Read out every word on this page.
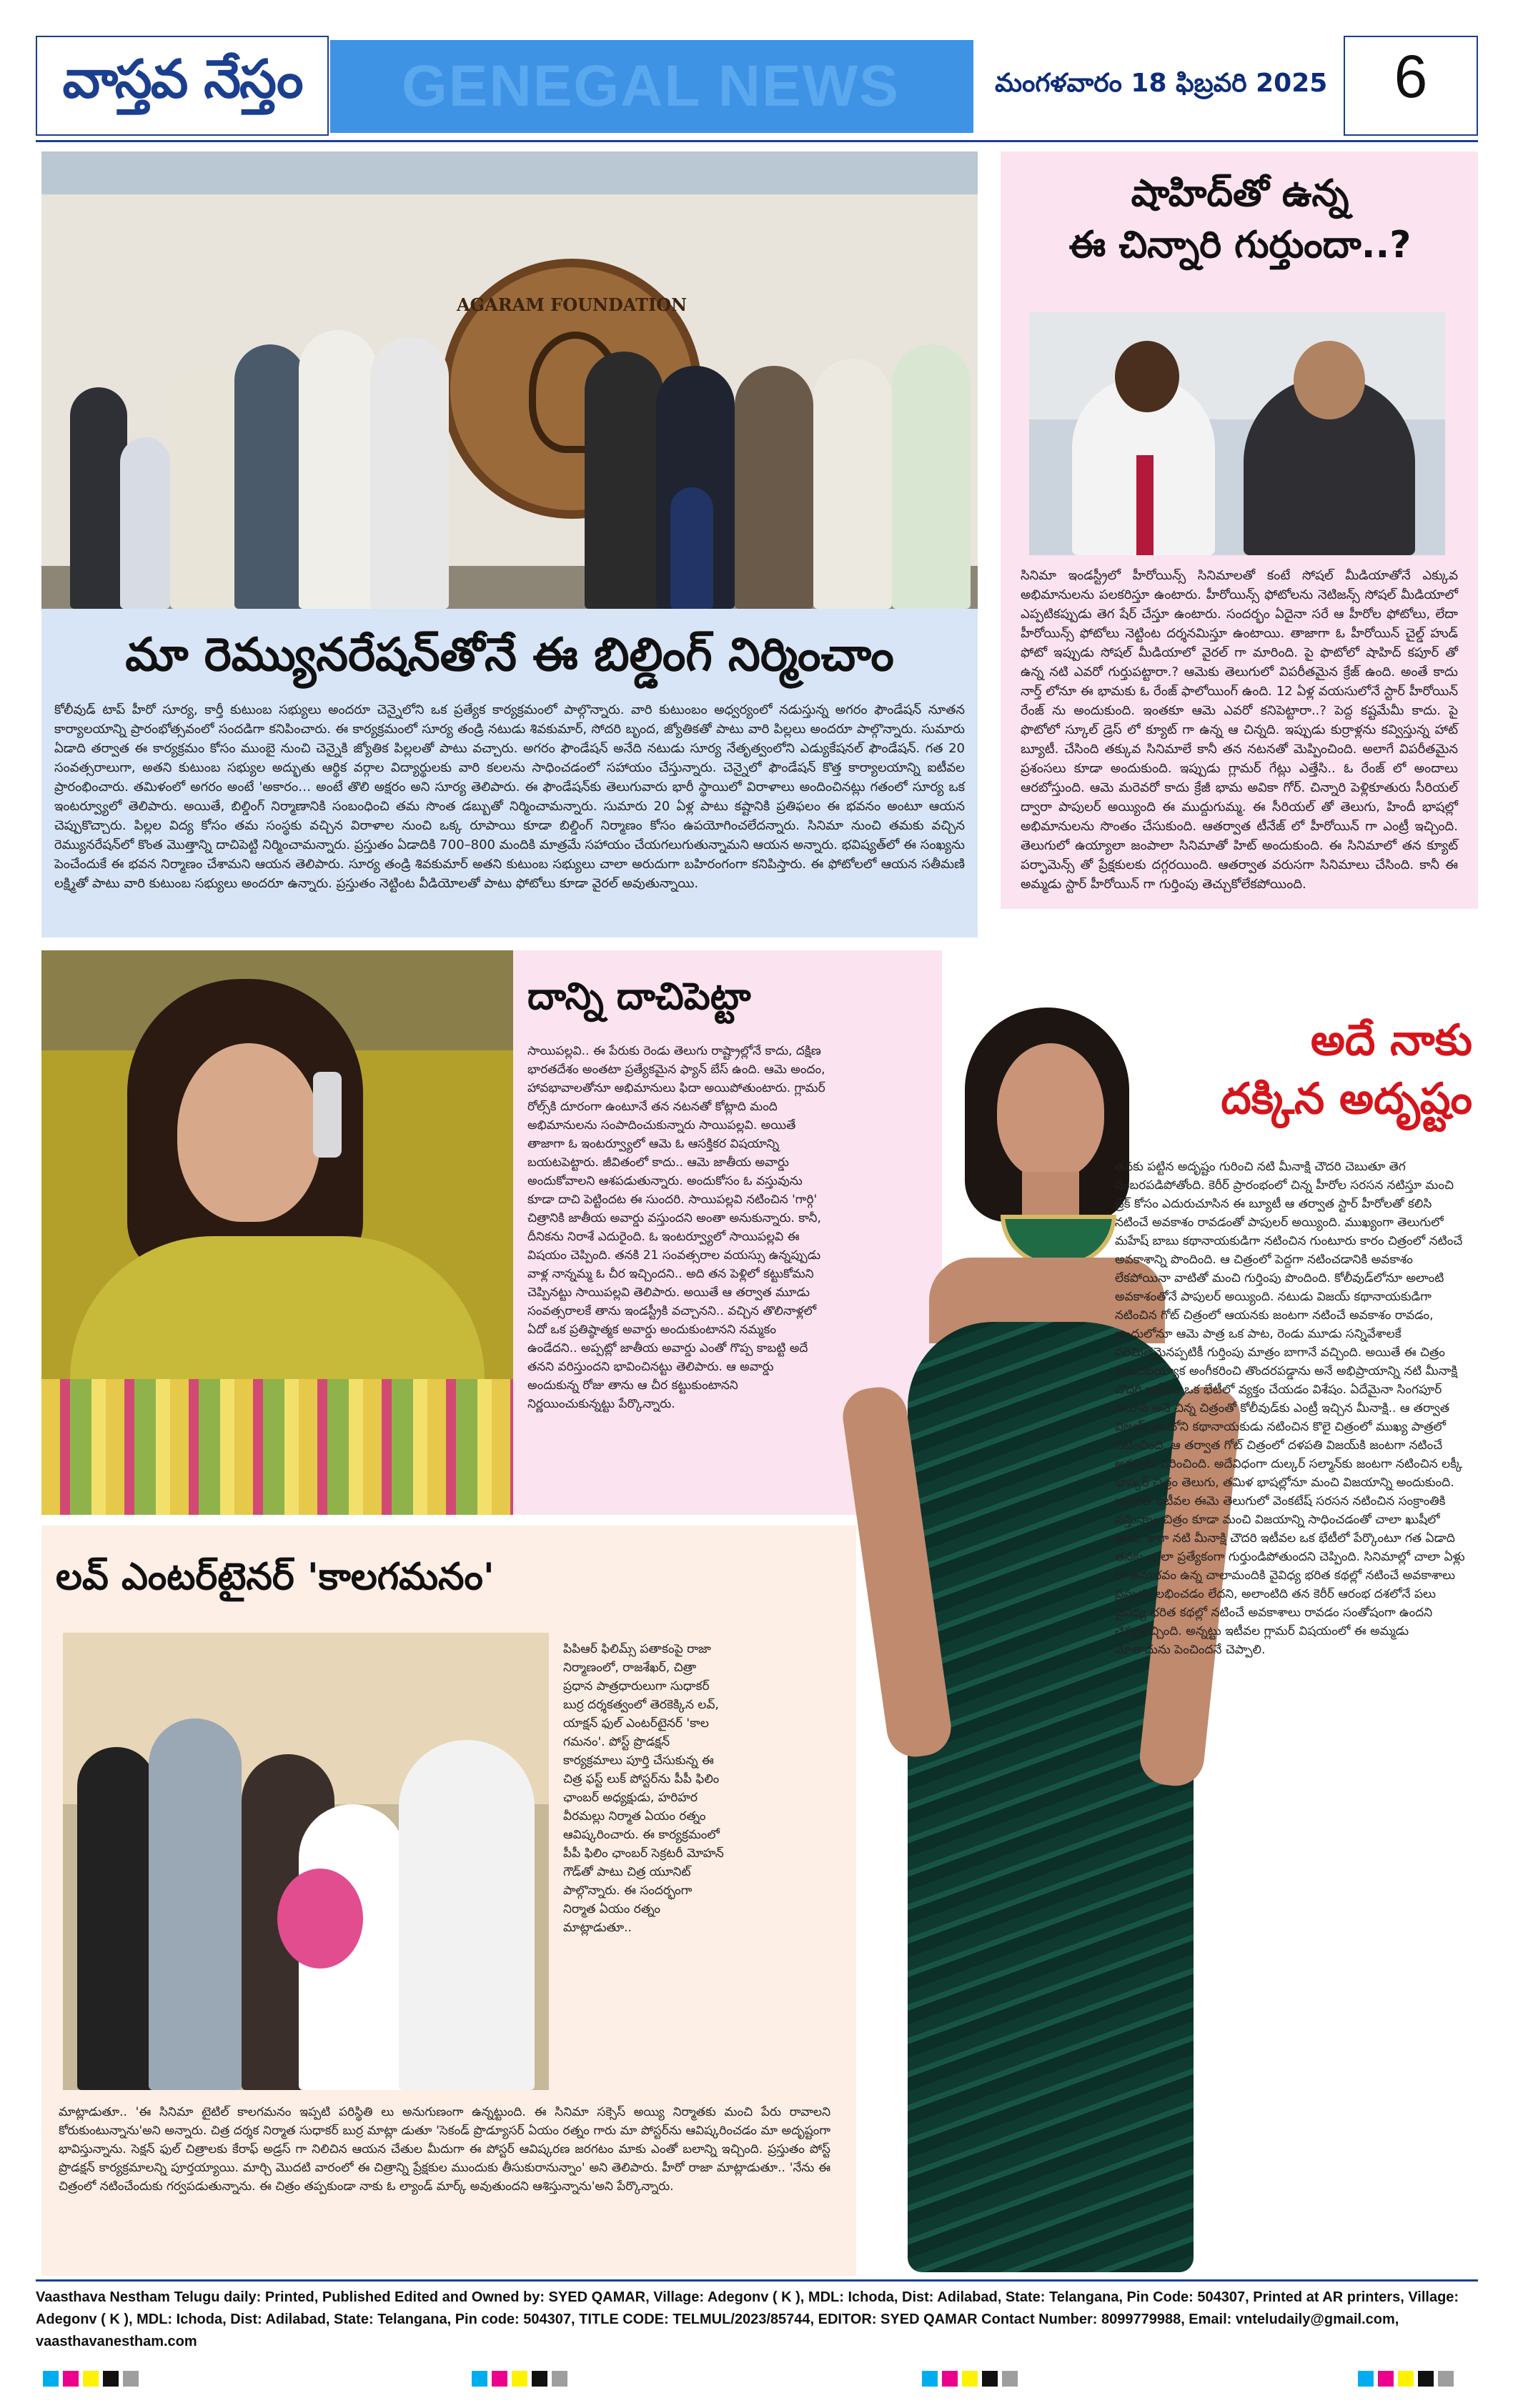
వాస్తవ నేస్తం GENEGAL NEWS	మంగళవారం 18 ఫిబ్రవరి 2025 6
AGARAM FOUNDATION
మా రెమ్యునరేషన్‌తోనే ఈ బిల్డింగ్ నిర్మించాం
కోలీవుడ్ టాప్ హీరో సూర్య, కార్తీ కుటుంబ సభ్యులు అందరూ చెన్నైలోని ఒక ప్రత్యేక కార్యక్రమంలో పాల్గొన్నారు. వారి కుటుంబం అధ్వర్యంలో నడుస్తున్న అగరం ఫౌండేషన్ నూతన కార్యాలయాన్ని ప్రారంభోత్సవంలో సందడిగా కనిపించారు. ఈ కార్యక్రమంలో సూర్య తండ్రి నటుడు శివకుమార్, సోదరి బృంద, జ్యోతికతో పాటు వారి పిల్లలు అందరూ పాల్గొన్నారు. సుమారు ఏడాది తర్వాత ఈ కార్యక్రమం కోసం ముంబై నుంచి చెన్నైకి జ్యోతిక పిల్లలతో పాటు వచ్చారు. అగరం ఫౌండేషన్ అనేది నటుడు సూర్య నేతృత్వంలోని ఎడ్యుకేషనల్ ఫౌండేషన్. గత 20 సంవత్సరాలుగా, అతని కుటుంబ సభ్యుల అద్భుతు ఆర్థిక వర్గాల విద్యార్థులకు వారి కలలను సాధించడంలో సహాయం చేస్తున్నారు. చెన్నైలో ఫౌండేషన్ కొత్త కార్యాలయాన్ని ఐటీవల ప్రారంభించారు. తమిళంలో అగరం అంటే 'అకారం… అంటే తొలి అక్షరం అని సూర్య తెలిపారు. ఈ ఫౌండేషన్‌కు తెలుగువారు భారీ స్థాయిలో విరాళాలు అందించినట్లు గతంలో సూర్య ఒక ఇంటర్వ్యూలో తెలిపారు. అయితే, బిల్డింగ్ నిర్మాణానికి సంబంధించి తమ సొంత డబ్బుతో నిర్మించామన్నారు. సుమారు 20 ఏళ్ల పాటు కష్టానికి ప్రతిఫలం ఈ భవనం అంటూ ఆయన చెప్పుకొచ్చారు. పిల్లల విద్య కోసం తమ సంస్థకు వచ్చిన విరాళాల నుంచి ఒక్క రూపాయి కూడా బిల్డింగ్ నిర్మాణం కోసం ఉపయోగించలేదన్నారు. సినిమా నుంచి తమకు వచ్చిన రెమ్యునరేషన్‌లో కొంత మొత్తాన్ని దాచిపెట్టి నిర్మించామన్నారు. ప్రస్తుతం ఏడాదికి 700–800 మందికి మాత్రమే సహాయం చేయగలుగుతున్నామని ఆయన అన్నారు. భవిష్యత్‌లో ఈ సంఖ్యను పెంచేందుకే ఈ భవన నిర్మాణం చేశామని ఆయన తెలిపారు. సూర్య తండ్రి శివకుమార్ అతని కుటుంబ సభ్యులు చాలా అరుదుగా బహిరంగంగా కనిపిస్తారు. ఈ ఫోటోలలో ఆయన సతీమణి లక్ష్మితో పాటు వారి కుటుంబ సభ్యులు అందరూ ఉన్నారు. ప్రస్తుతం నెట్టింట వీడియోలతో పాటు ఫోటోలు కూడా వైరల్ అవుతున్నాయి.
షాహిద్‌తో ఉన్న
ఈ చిన్నారి గుర్తుందా..?
సినిమా ఇండస్ట్రీలో హీరోయిన్స్ సినిమాలతో కంటే సోషల్ మీడియాతోనే ఎక్కువ అభిమానులను పలకరిస్తూ ఉంటారు. హీరోయిన్స్ ఫోటోలను నెటిజన్స్ సోషల్ మీడియాలో ఎప్పటికప్పుడు తెగ షేర్ చేస్తూ ఉంటారు. సందర్భం ఏదైనా సరే ఆ హీరోల ఫోటోలు, లేదా హీరోయిన్స్ ఫోటోలు నెట్టింట దర్శనమిస్తూ ఉంటాయి. తాజాగా ఓ హీరోయిన్ చైల్డ్ హుడ్ ఫోటో ఇప్పుడు సోషల్ మీడియాలో వైరల్ గా మారింది. పై ఫొటోలో షాహిద్ కపూర్ తో ఉన్న నటి ఎవరో గుర్తుపట్టారా.? ఆమెకు తెలుగులో విపరీతమైన క్రేజ్ ఉంది. అంతే కాదు నార్త్ లోనూ ఈ భామకు ఓ రేంజ్ ఫాలోయింగ్ ఉంది. 12 ఏళ్ల వయసులోనే స్టార్ హీరోయిన్ రేంజ్ ను అందుకుంది. ఇంతకూ ఆమె ఎవరో కనిపెట్టారా..? పెద్ద కష్టమేమీ కాదు. పై ఫొటోలో స్కూల్ డ్రెస్ లో క్యూట్ గా ఉన్న ఆ చిన్నది. ఇప్పుడు కుర్రాళ్లను కవ్విస్తున్న హాట్ బ్యూటీ. చేసింది తక్కువ సినిమాలే కానీ తన నటనతో మెప్పించింది. అలాగే విపరీతమైన ప్రశంసలు కూడా అందుకుంది. ఇప్పుడు గ్లామర్ గేట్లు ఎత్తేసి.. ఓ రేంజ్ లో అందాలు ఆరబోస్తుంది. ఆమె మరెవరో కాదు క్రేజీ భామ అవికా గోర్. చిన్నారి పెళ్లికూతురు సీరియల్ ద్వారా పాపులర్ అయ్యింది ఈ ముద్దుగుమ్మ. ఈ సీరియల్ తో తెలుగు, హిందీ భాషల్లో అభిమానులను సొంతం చేసుకుంది. ఆతర్వాత టీనేజ్ లో హీరోయిన్ గా ఎంట్రీ ఇచ్చింది. తెలుగులో ఉయ్యాలా జంపాలా సినిమాతో హిట్ అందుకుంది. ఈ సినిమాలో తన క్యూట్ పర్ఫామెన్స్ తో ప్రేక్షకులకు దగ్గరయింది. ఆతర్వాత వరుసగా సినిమాలు చేసింది. కానీ ఈ అమ్మడు స్టార్ హీరోయిన్ గా గుర్తింపు తెచ్చుకోలేకపోయింది.
దాన్ని దాచిపెట్టా
సాయిపల్లవి.. ఈ పేరుకు రెండు తెలుగు రాష్ట్రాల్లోనే కాదు, దక్షిణ భారతదేశం అంతటా ప్రత్యేకమైన ఫ్యాన్ బేస్ ఉంది. ఆమె అందం, హావభావాలతోనూ అభిమానులు ఫిదా అయిపోతుంటారు. గ్లామర్ రోల్స్‌కి దూరంగా ఉంటూనే తన నటనతో కోట్లాది మంది అభిమానులను సంపాదించుకున్నారు సాయిపల్లవి. అయితే తాజాగా ఓ ఇంటర్వ్యూలో ఆమె ఓ ఆసక్తికర విషయాన్ని బయటపెట్టారు. జీవితంలో కాదు.. ఆమె జాతీయ అవార్డు అందుకోవాలని ఆశపడుతున్నారు. అందుకోసం ఓ వస్తువును కూడా దాచి పెట్టిందట ఈ సుందరి. సాయిపల్లవి నటించిన 'గార్గి' చిత్రానికి జాతీయ అవార్డు వస్తుందని అంతా అనుకున్నారు. కానీ, దీనికను నిరాశే ఎదురైంది. ఓ ఇంటర్వ్యూలో సాయిపల్లవి ఈ విషయం చెప్పింది. తనకి 21 సంవత్సరాల వయస్సు ఉన్నప్పుడు వాళ్ల నాన్నమ్మ ఓ చీర ఇచ్చిందని.. అది తన పెళ్లిలో కట్టుకోమని చెప్పినట్టు సాయిపల్లవి తెలిపారు. అయితే ఆ తర్వాత మూడు సంవత్సరాలకే తాను ఇండస్ట్రీకి వచ్చానని.. వచ్చిన తొలినాళ్లలో ఏదో ఒక ప్రతిష్ఠాత్మక అవార్డు అందుకుంటానని నమ్మకం ఉండేదని.. అప్పట్లో జాతీయ అవార్డు ఎంతో గొప్ప కాబట్టి అదే తనని వరిస్తుందని భావించినట్టు తెలిపారు. ఆ అవార్డు అందుకున్న రోజు తాను ఆ చీర కట్టుకుంటానని నిర్ణయించుకున్నట్టు పేర్కొన్నారు.
అదే నాకు
దక్కిన అదృష్టం
తనకు పట్టిన అదృష్టం గురించి నటి మీనాక్షి చౌదరి చెబుతూ తెగ సంబరపడిపోతోంది. కెరీర్ ప్రారంభంలో చిన్న హీరోల సరసన నటిస్తూ మంచి బ్రేక్ కోసం ఎదురుచూసిన ఈ బ్యూటీ ఆ తర్వాత స్టార్ హీరోలతో కలిసి నటించే అవకాశం రావడంతో పాపులర్ అయ్యింది. ముఖ్యంగా తెలుగులో మహేష్ బాబు కథానాయకుడిగా నటించిన గుంటూరు కారం చిత్రంలో నటించే అవకాశాన్ని పొందింది. ఆ చిత్రంలో పెద్దగా నటించడానికి అవకాశం లేకపోయినా వాటితో మంచి గుర్తింపు పొందింది. కోలీవుడ్‌లోనూ అలాంటి అవకాశంతోనే పాపులర్ అయ్యింది. నటుడు విజయ్ కథానాయకుడిగా నటించిన గోట్ చిత్రంలో ఆయనకు జంటగా నటించే అవకాశం రావడం, అందులోనూ ఆమె పాత్ర ఒక పాట, రెండు మూడు సన్నివేశాలకే పరిమితమైనప్పటికీ గుర్తింపు మాత్రం బాగానే వచ్చింది. అయితే ఈ చిత్రం విడుదలయ్యాక అంగీకరించి తొందరపడ్డాను అనే అభిప్రాయాన్ని నటి మీనాక్షి చౌదరి ఇటీవల ఒక భేటీలో వ్యక్తం చేయడం విశేషం. ఏదేమైనా సింగపూర్ సెలూన్ అనే చిన్న చిత్రంతో కోలీవుడ్‌కు ఎంట్రీ ఇచ్చిన మీనాక్షి.. ఆ తర్వాత విజయ్ ఆంటోని కథానాయకుడు నటించిన కొలై చిత్రంలో ముఖ్య పాత్రలో నటించింది. ఆ తర్వాత గోట్ చిత్రంలో దళపతి విజయ్‌కి జంటగా నటించే అవకాశం వరించింది. అదేవిధంగా దుల్కర్ సల్మాన్‌కు జంటగా నటించిన లక్కీ భాస్కర్ చిత్రం తెలుగు, తమిళ భాషల్లోనూ మంచి విజయాన్ని అందుకుంది. ఇకపోతే ఇటీవల ఈమె తెలుగులో వెంకటేష్ సరసన నటించిన సంక్రాంతికి వస్తున్నాం చిత్రం కూడా మంచి విజయాన్ని సాధించడంతో చాలా ఖుషీలో ఉంది. కాగా నటి మీనాక్షి చౌదరి ఇటీవల ఒక భేటీలో పేర్కొంటూ గత ఏడాది తనకు చాలా ప్రత్యేకంగా గుర్తుండిపోతుందని చెప్పింది. సినిమాల్లో చాలా ఏళ్లు గా అనుభవం ఉన్న చాలామందికి వైవిధ్య భరిత కథల్లో నటించే అవకాశాలు ప్రస్తుతం లభించడం లేదని, అలాంటిది తన కెరీర్ ఆరంభ దశలోనే పలు వైవిధ్య భరిత కథల్లో నటించే అవకాశాలు రావడం సంతోషంగా ఉందని చెప్పుకొచ్చింది. అన్నట్టు ఇటీవల గ్లామర్ విషయంలో ఈ అమ్మడు మోతాదును పెంచిందనే చెప్పాలి.
లవ్ ఎంటర్‌టైనర్ 'కాలగమనం'
పిపిఆర్ ఫిలిమ్స్ పతాకంపై రాజా నిర్మాణంలో, రాజశేఖర్, చిత్రా ప్రధాన పాత్రధారులుగా సుధాకర్ బుర్ర దర్శకత్వంలో తెరకెక్కిన లవ్, యాక్షన్ ఫుల్ ఎంటర్‌టైనర్ 'కాల గమనం'. పోస్ట్ ప్రొడక్షన్ కార్యక్రమాలు పూర్తి చేసుకున్న ఈ చిత్ర ఫస్ట్ లుక్ పోస్టర్‌ను పీపీ ఫిలిం ఛాంబర్ అధ్యక్షుడు, హరిహర వీరమల్లు నిర్మాత ఏయం రత్నం ఆవిష్కరించారు. ఈ కార్యక్రమంలో పీపీ ఫిలిం ఛాంబర్ సెక్రటరీ మోహన్ గౌడ్‌తో పాటు చిత్ర యూనిట్ పాల్గొన్నారు. ఈ సందర్భంగా నిర్మాత ఏయం రత్నం మాట్లాడుతూ..
మాట్లాడుతూ.. 'ఈ సినిమా టైటిల్ కాలగమనం ఇప్పటి పరిస్థితి లు అనుగుణంగా ఉన్నట్టుంది. ఈ సినిమా సక్సెస్ అయ్యి నిర్మాతకు మంచి పేరు రావాలని కోరుకుంటున్నాను'అని అన్నారు. చిత్ర దర్శక నిర్మాత సుధాకర్ బుర్ర మాట్లా డుతూ 'సెకండ్ ప్రొడ్యూసర్ ఏయం రత్నం గారు మా పోస్టర్‌ను ఆవిష్కరించడం మా అదృష్టంగా భావిస్తున్నాను. సెక్షన్ ఫుల్ చిత్రాలకు కేరాఫ్ అడ్రస్ గా నిలిచిన ఆయన చేతుల మీదుగా ఈ పోస్టర్ ఆవిష్కరణ జరగటం మాకు ఎంతో బలాన్ని ఇచ్చింది. ప్రస్తుతం పోస్ట్ ప్రొడక్షన్ కార్యక్రమాలన్ని పూర్తయ్యాయి. మార్చి మొదటి వారంలో ఈ చిత్రాన్ని ప్రేక్షకుల ముందుకు తీసుకురానున్నాం' అని తెలిపారు. హీరో రాజా మాట్లాడుతూ.. 'నేను ఈ చిత్రంలో నటించేందుకు గర్వపడుతున్నాను. ఈ చిత్రం తప్పకుండా నాకు ఓ ల్యాండ్ మార్క్ అవుతుందని ఆశిస్తున్నాను'అని పేర్కొన్నారు.
Vaasthava Nestham Telugu daily: Printed, Published Edited and Owned by: SYED QAMAR, Village: Adegonv ( K ), MDL: Ichoda, Dist: Adilabad, State: Telangana, Pin Code: 504307, Printed at AR printers, Village: Adegonv ( K ), MDL: Ichoda, Dist: Adilabad, State: Telangana, Pin code: 504307, TITLE CODE: TELMUL/2023/85744, EDITOR: SYED QAMAR Contact Number: 8099779988, Email: vnteludaily@gmail.com, vaasthavanestham.com
